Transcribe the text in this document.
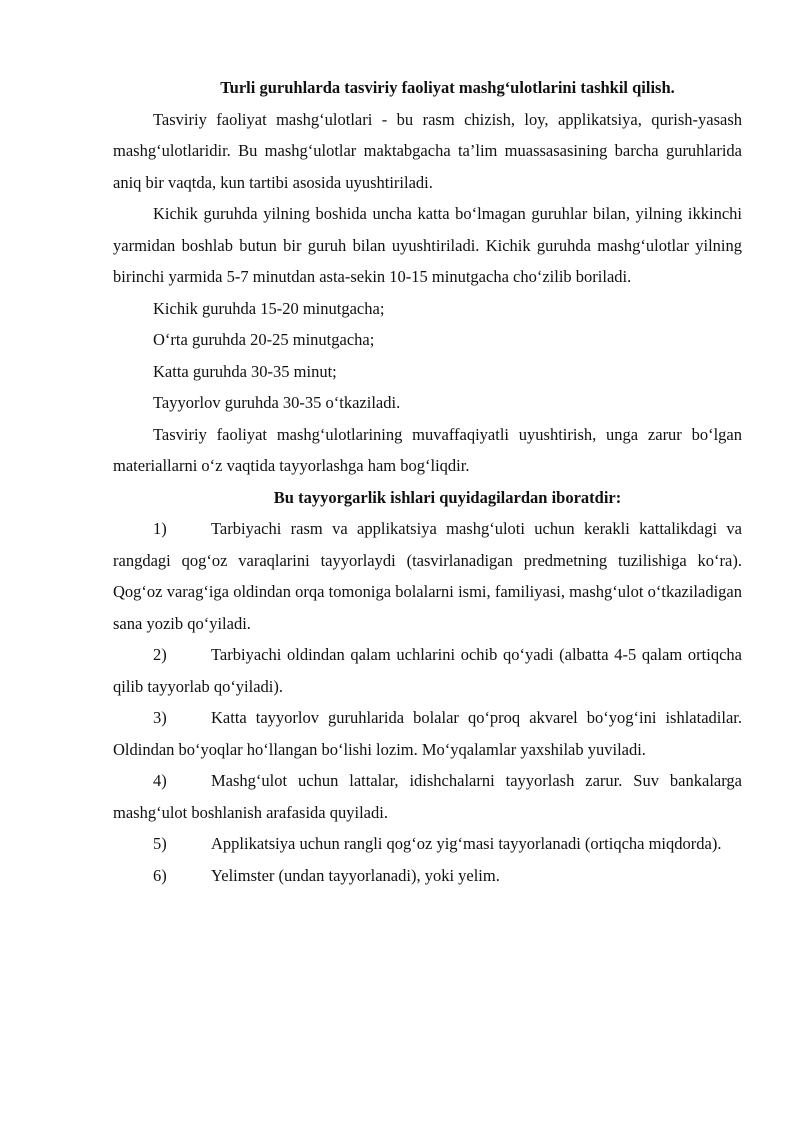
Turli guruhlarda tasviriy faoliyat mashg‘ulotlarini tashkil qilish.

Tasviriy faoliyat mashg‘ulotlari - bu rasm chizish, loy, applikatsiya, qurish-yasash mashg‘ulotlaridir. Bu mashg‘ulotlar maktabgacha ta’lim muassasasining barcha guruhlarida aniq bir vaqtda, kun tartibi asosida uyushtiriladi.

Kichik guruhda yilning boshida uncha katta bo‘lmagan guruhlar bilan, yilning ikkinchi yarmidan boshlab butun bir guruh bilan uyushtiriladi. Kichik guruhda mashg‘ulotlar yilning birinchi yarmida 5-7 minutdan asta-sekin 10-15 minutgacha cho‘zilib boriladi.

Kichik guruhda 15-20 minutgacha;

O‘rta guruhda 20-25 minutgacha;

Katta guruhda 30-35 minut;

Tayyorlov guruhda 30-35 o‘tkaziladi.

Tasviriy faoliyat mashg‘ulotlarining muvaffaqiyatli uyushtirish, unga zarur bo‘lgan materiallarni o‘z vaqtida tayyorlashga ham bog‘liqdir.

Bu tayyorgarlik ishlari quyidagilardan iboratdir:

1)	Tarbiyachi rasm va applikatsiya mashg‘uloti uchun kerakli kattalikdagi va rangdagi qog‘oz varaqlarini tayyorlaydi (tasvirlanadigan predmetning tuzilishiga ko‘ra). Qog‘oz varag‘iga oldindan orqa tomoniga bolalarni ismi, familiyasi, mashg‘ulot o‘tkaziladigan sana yozib qo‘yiladi.

2)	Tarbiyachi oldindan qalam uchlarini ochib qo‘yadi (albatta 4-5 qalam ortiqcha qilib tayyorlab qo‘yiladi).

3)	Katta tayyorlov guruhlarida bolalar qo‘proq akvarel bo‘yog‘ini ishlatadilar. Oldindan bo‘yoqlar ho‘llangan bo‘lishi lozim. Mo‘yqalamlar yaxshilab yuviladi.

4)	Mashg‘ulot uchun lattalar, idishchalarni tayyorlash zarur. Suv bankalarga mashg‘ulot boshlanish arafasida quyiladi.

5)	Applikatsiya uchun rangli qog‘oz yig‘masi tayyorlanadi (ortiqcha miqdorda).

6)	Yelimster (undan tayyorlanadi), yoki yelim.
